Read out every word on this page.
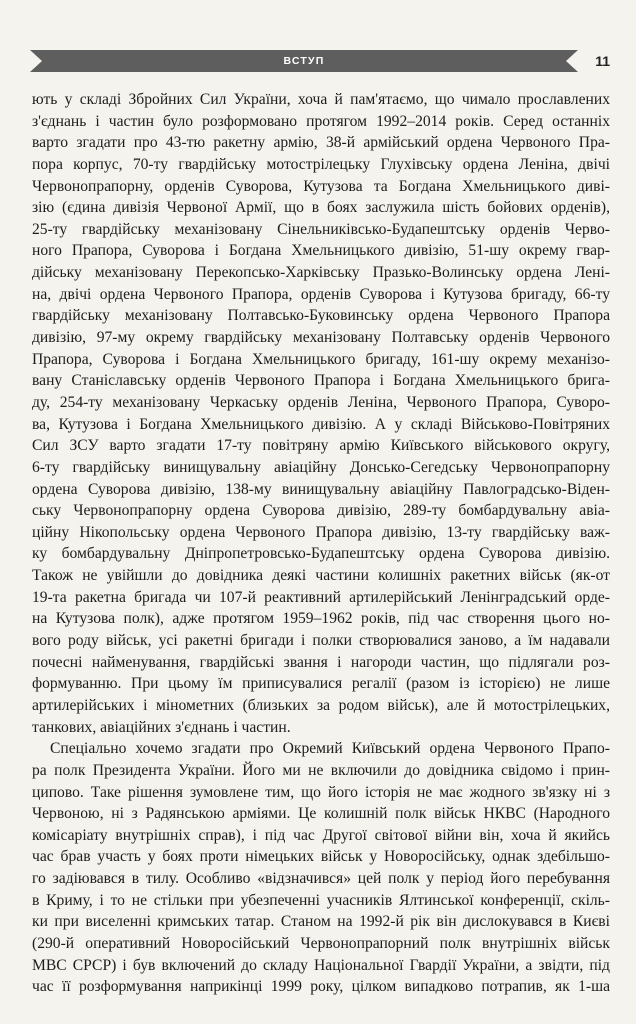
ВСТУП	11
ють у складі Збройних Сил України, хоча й пам'ятаємо, що чимало прославлених
з'єднань і частин було розформовано протягом 1992–2014 років. Серед останніх
варто згадати про 43-тю ракетну армію, 38-й армійський ордена Червоного Пра-
пора корпус, 70-ту гвардійську мотострілецьку Глухівську ордена Леніна, двічі
Червонопрапорну, орденів Суворова, Кутузова та Богдана Хмельницького диві-
зію (єдина дивізія Червоної Армії, що в боях заслужила шість бойових орденів),
25-ту гвардійську механізовану Сінельниківсько-Будапештську орденів Черво-
ного Прапора, Суворова і Богдана Хмельницького дивізію, 51-шу окрему гвар-
дійську механізовану Перекопсько-Харківську Празько-Волинську ордена Лені-
на, двічі ордена Червоного Прапора, орденів Суворова і Кутузова бригаду, 66-ту
гвардійську механізовану Полтавсько-Буковинську ордена Червоного Прапора
дивізію, 97-му окрему гвардійську механізовану Полтавську орденів Червоного
Прапора, Суворова і Богдана Хмельницького бригаду, 161-шу окрему механізо-
вану Станіславську орденів Червоного Прапора і Богдана Хмельницького брига-
ду, 254-ту механізовану Черкаську орденів Леніна, Червоного Прапора, Суворо-
ва, Кутузова і Богдана Хмельницького дивізію. А у складі Військово-Повітряних
Сил ЗСУ варто згадати 17-ту повітряну армію Київського військового округу,
6-ту гвардійську винищувальну авіаційну Донсько-Сегедську Червонопрапорну
ордена Суворова дивізію, 138-му винищувальну авіаційну Павлоградсько-Віден-
ську Червонопрапорну ордена Суворова дивізію, 289-ту бомбардувальну авіа-
ційну Нікопольську ордена Червоного Прапора дивізію, 13-ту гвардійську важ-
ку бомбардувальну Дніпропетровсько-Будапештську ордена Суворова дивізію.
Також не увійшли до довідника деякі частини колишніх ракетних військ (як-от
19-та ракетна бригада чи 107-й реактивний артилерійський Ленінградський орде-
на Кутузова полк), адже протягом 1959–1962 років, під час створення цього но-
вого роду військ, усі ракетні бригади і полки створювалися заново, а їм надавали
почесні найменування, гвардійські звання і нагороди частин, що підлягали роз-
формуванню. При цьому їм приписувалися регалії (разом із історією) не лише
артилерійських і мінометних (близьких за родом військ), але й мотострілецьких,
танкових, авіаційних з'єднань і частин.
Спеціально хочемо згадати про Окремий Київський ордена Червоного Прапо-
ра полк Президента України. Його ми не включили до довідника свідомо і прин-
ципово. Таке рішення зумовлене тим, що його історія не має жодного зв'язку ні з
Червоною, ні з Радянською арміями. Це колишній полк військ НКВС (Народного
комісаріату внутрішніх справ), і під час Другої світової війни він, хоча й якийсь
час брав участь у боях проти німецьких військ у Новоросійську, однак здебільшо-
го задіювався в тилу. Особливо «відзначився» цей полк у період його перебування
в Криму, і то не стільки при убезпеченні учасників Ялтинської конференції, скіль-
ки при виселенні кримських татар. Станом на 1992-й рік він дислокувався в Києві
(290-й оперативний Новоросійський Червонопрапорний полк внутрішніх військ
МВС СРСР) і був включений до складу Національної Гвардії України, а звідти, під
час її розформування наприкінці 1999 року, цілком випадково потрапив, як 1-ша
